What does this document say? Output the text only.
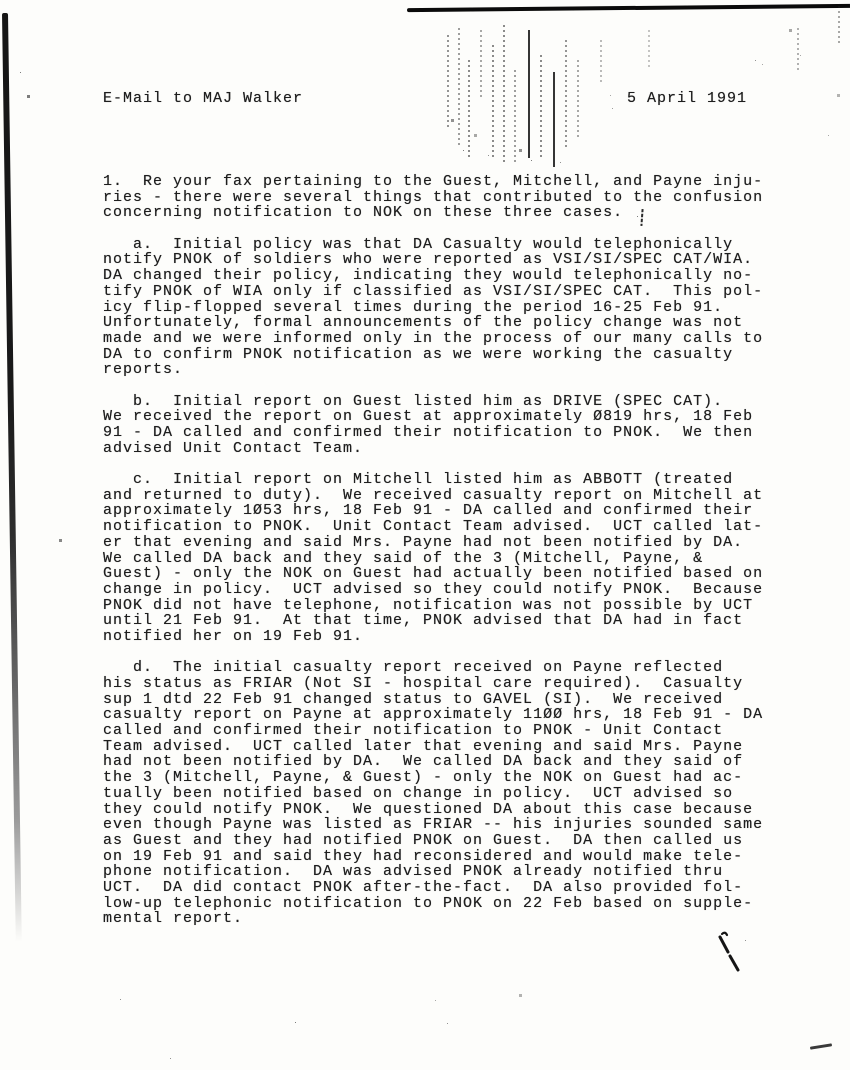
E-Mail to MAJ Walker	5 April 1991
1.  Re your fax pertaining to the Guest, Mitchell, and Payne inju-
ries - there were several things that contributed to the confusion
concerning notification to NOK on these three cases.
a.  Initial policy was that DA Casualty would telephonically
notify PNOK of soldiers who were reported as VSI/SI/SPEC CAT/WIA.
DA changed their policy, indicating they would telephonically no-
tify PNOK of WIA only if classified as VSI/SI/SPEC CAT.  This pol-
icy flip-flopped several times during the period 16-25 Feb 91.
Unfortunately, formal announcements of the policy change was not
made and we were informed only in the process of our many calls to
DA to confirm PNOK notification as we were working the casualty
reports.
b.  Initial report on Guest listed him as DRIVE (SPEC CAT).
We received the report on Guest at approximately Ø819 hrs, 18 Feb
91 - DA called and confirmed their notification to PNOK.  We then
advised Unit Contact Team.
c.  Initial report on Mitchell listed him as ABBOTT (treated
and returned to duty).  We received casualty report on Mitchell at
approximately 1Ø53 hrs, 18 Feb 91 - DA called and confirmed their
notification to PNOK.  Unit Contact Team advised.  UCT called lat-
er that evening and said Mrs. Payne had not been notified by DA.
We called DA back and they said of the 3 (Mitchell, Payne, &
Guest) - only the NOK on Guest had actually been notified based on
change in policy.  UCT advised so they could notify PNOK.  Because
PNOK did not have telephone, notification was not possible by UCT
until 21 Feb 91.  At that time, PNOK advised that DA had in fact
notified her on 19 Feb 91.
d.  The initial casualty report received on Payne reflected
his status as FRIAR (Not SI - hospital care required).  Casualty
sup 1 dtd 22 Feb 91 changed status to GAVEL (SI).  We received
casualty report on Payne at approximately 11ØØ hrs, 18 Feb 91 - DA
called and confirmed their notification to PNOK - Unit Contact
Team advised.  UCT called later that evening and said Mrs. Payne
had not been notified by DA.  We called DA back and they said of
the 3 (Mitchell, Payne, & Guest) - only the NOK on Guest had ac-
tually been notified based on change in policy.  UCT advised so
they could notify PNOK.  We questioned DA about this case because
even though Payne was listed as FRIAR -- his injuries sounded same
as Guest and they had notified PNOK on Guest.  DA then called us
on 19 Feb 91 and said they had reconsidered and would make tele-
phone notification.  DA was advised PNOK already notified thru
UCT.  DA did contact PNOK after-the-fact.  DA also provided fol-
low-up telephonic notification to PNOK on 22 Feb based on supple-
mental report.
